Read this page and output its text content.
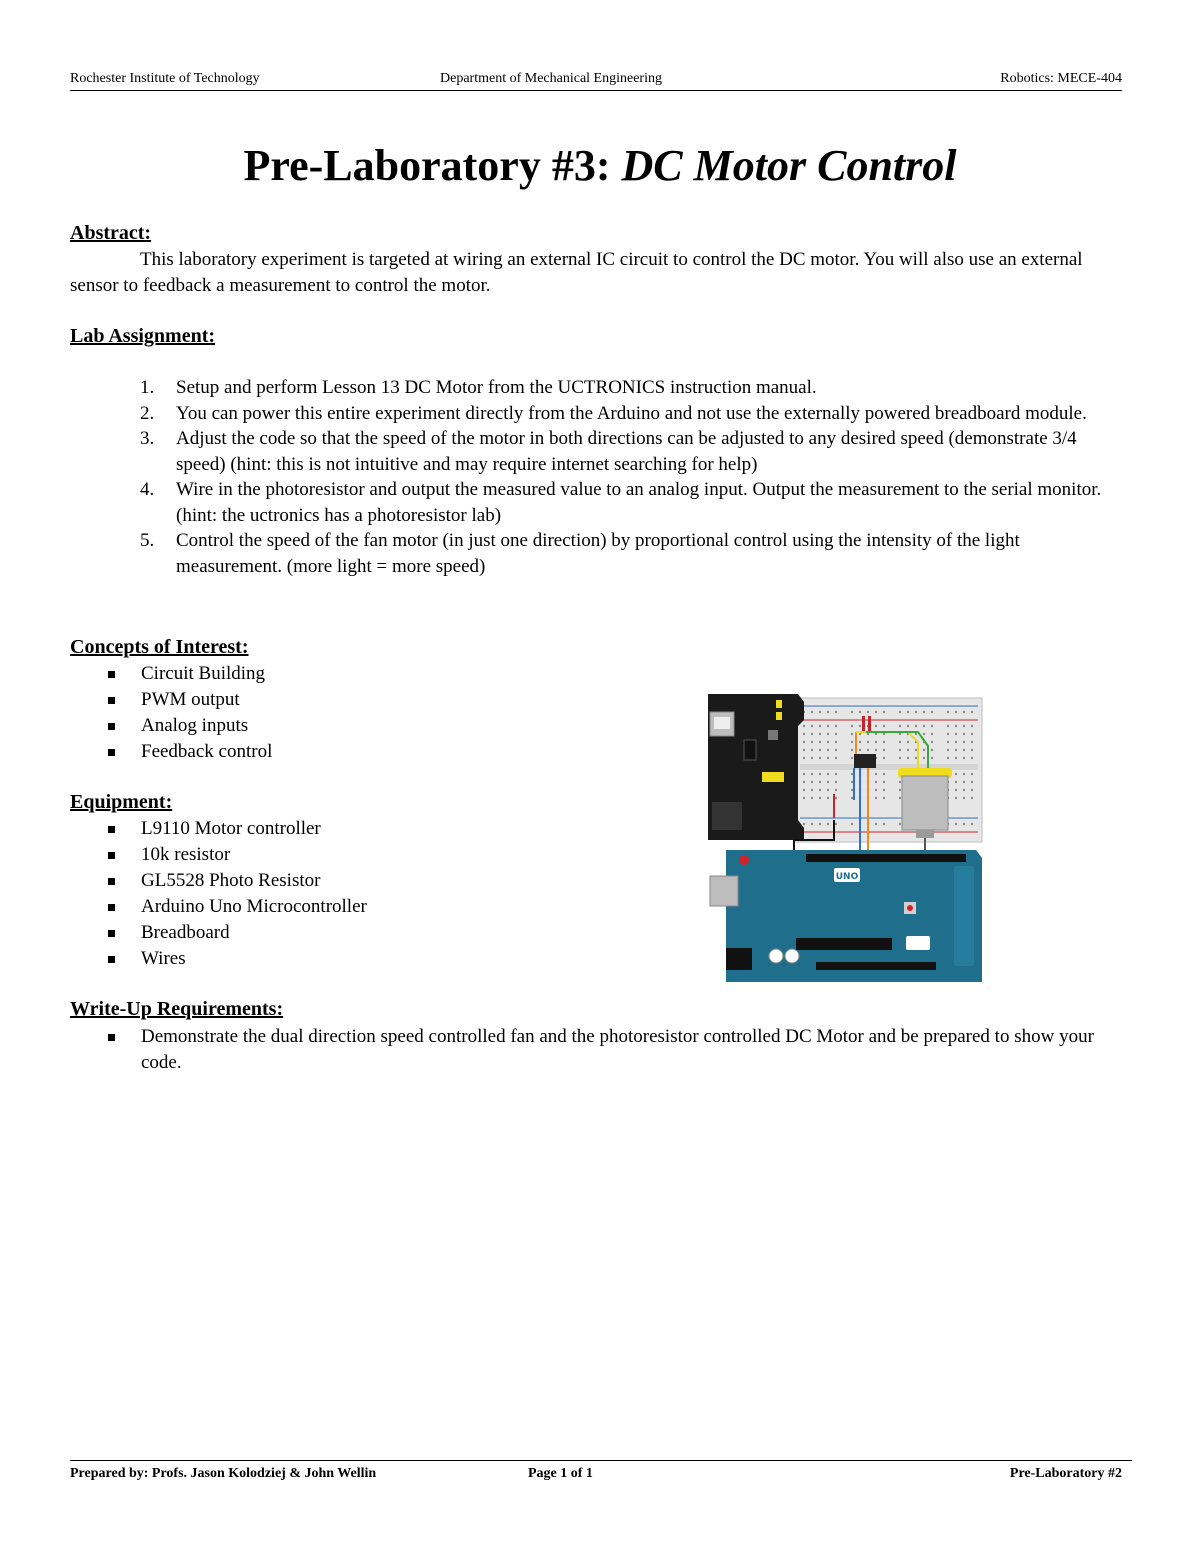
Rochester Institute of Technology	Department of Mechanical Engineering	Robotics: MECE-404
Pre-Laboratory #3: DC Motor Control
Abstract:
This laboratory experiment is targeted at wiring an external IC circuit to control the DC motor. You will also use an external sensor to feedback a measurement to control the motor.
Lab Assignment:
1. Setup and perform Lesson 13 DC Motor from the UCTRONICS instruction manual.
2. You can power this entire experiment directly from the Arduino and not use the externally powered breadboard module.
3. Adjust the code so that the speed of the motor in both directions can be adjusted to any desired speed (demonstrate 3/4 speed) (hint: this is not intuitive and may require internet searching for help)
4. Wire in the photoresistor and output the measured value to an analog input. Output the measurement to the serial monitor. (hint: the uctronics has a photoresistor lab)
5. Control the speed of the fan motor (in just one direction) by proportional control using the intensity of the light measurement. (more light = more speed)
Concepts of Interest:
Circuit Building
PWM output
Analog inputs
Feedback control
Equipment:
L9110 Motor controller
10k resistor
GL5528 Photo Resistor
Arduino Uno Microcontroller
Breadboard
Wires
Write-Up Requirements:
Demonstrate the dual direction speed controlled fan and the photoresistor controlled DC Motor and be prepared to show your code.
UNO
Prepared by: Profs. Jason Kolodziej & John Wellin	Page 1 of 1	Pre-Laboratory #2
